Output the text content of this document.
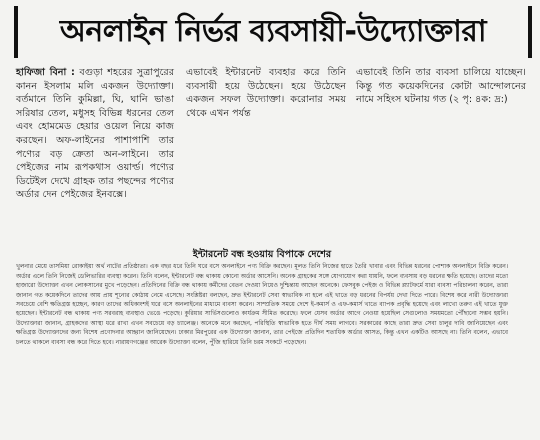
অনলাইন নির্ভর ব্যবসায়ী-উদ্যোক্তারা
হাফিজা বিনা : বগুড়া শহরের সুত্রাপুরের কানন ইসলাম মলি একজন উদ্যোক্তা। বর্তমানে তিনি কুমিল্লা, ঘি, ঘানি ভাঙা সরিষার তেল, মধুসহ বিভিন্ন ধরনের তেল এবং হোমমেড হেয়ার ওয়েল নিয়ে কাজ করছেন। অফ-লাইনের পাশাপাশি তার পণ্যের বড় ক্রেতা অন-লাইনে। তার পেইজের নাম রূপকথাস ওয়ার্ল্ড। পণ্যের ডিটেইল দেখে গ্রাহক তার পছন্দের পণ্যের অর্ডার দেন পেইজের ইনবক্সে।
এভাবেই ইন্টারনেট ব্যবহার করে তিনি ব্যবসায়ী হয়ে উঠেছেন। হয়ে উঠেছেন একজন সফল উদ্যোক্তা। করোনার সময় থেকে এখন পর্যন্ত
এভাবেই তিনি তার ব্যবসা চালিয়ে যাচ্ছেন। কিন্তু গত কয়েকদিনের কোটা আন্দোলনের নামে সহিংস ঘটনায় গত (২ পৃ: ৪ক: দ্র:)
ইন্টারনেট বন্ধ হওয়ায় বিপাকে দেশের
খুলনার মেয়ে তাসমিয়া রোকাইয়া অর্থ নাটের প্রতিষ্ঠাতা। এক বছর ধরে তিনি ঘরে বসে অনলাইনে পণ্য বিক্রি করছেন। মূলত তিনি নিজের হাতে তৈরি খাবার এবং বিভিন্ন ধরনের পোশাক অনলাইনে বিক্রি করেন। অর্ডার এলে তিনি নিজেই ডেলিভারির ব্যবস্থা করেন। তিনি বলেন, ইন্টারনেট বন্ধ থাকায় কোনো অর্ডার আসেনি। অনেক গ্রাহকের সঙ্গে যোগাযোগ করা যায়নি, ফলে ব্যবসায় বড় ধরনের ক্ষতি হয়েছে। তাদের মতো হাজারো উদ্যোক্তা এখন লোকসানের মুখে পড়েছেন। প্রতিদিনের বিক্রি বন্ধ থাকায় কর্মীদের বেতন দেওয়া নিয়েও দুশ্চিন্তায় আছেন অনেকে। ফেসবুক পেইজ ও বিভিন্ন প্ল্যাটফর্মে যারা ব্যবসা পরিচালনা করেন, তারা জানান গত কয়েকদিনে তাদের আয় প্রায় শূন্যের কোঠায় নেমে এসেছে। সংশ্লিষ্টরা বলছেন, দ্রুত ইন্টারনেট সেবা স্বাভাবিক না হলে এই খাতে বড় ধরনের বিপর্যয় দেখা দিতে পারে। বিশেষ করে নারী উদ্যোক্তারা সবচেয়ে বেশি ক্ষতিগ্রস্ত হচ্ছেন, কারণ তাদের অধিকাংশই ঘরে বসে অনলাইনের মাধ্যমে ব্যবসা করেন। সাম্প্রতিক সময়ে দেশে ই-কমার্স ও এফ-কমার্স খাতে ব্যাপক প্রবৃদ্ধি হয়েছে এবং লাখো তরুণ এই খাতে যুক্ত হয়েছেন। ইন্টারনেট বন্ধ থাকায় পণ্য সরবরাহ ব্যবস্থাও ভেঙে পড়েছে। কুরিয়ার সার্ভিসগুলোও কার্যক্রম সীমিত করেছে। ফলে যেসব অর্ডার আগে নেওয়া হয়েছিল সেগুলোও সময়মতো পৌঁছানো সম্ভব হয়নি। উদ্যোক্তারা জানান, গ্রাহকদের আস্থা ধরে রাখা এখন সবচেয়ে বড় চ্যালেঞ্জ। অনেকে মনে করছেন, পরিস্থিতি স্বাভাবিক হতে দীর্ঘ সময় লাগবে। সরকারের কাছে তারা দ্রুত সেবা চালুর দাবি জানিয়েছেন এবং ক্ষতিগ্রস্ত উদ্যোক্তাদের জন্য বিশেষ প্রণোদনার আহ্বান জানিয়েছেন। ঢাকার মিরপুরের এক উদ্যোক্তা জানান, তার পেইজে প্রতিদিন শতাধিক অর্ডার আসত, কিন্তু এখন একটিও আসছে না। তিনি বলেন, এভাবে চলতে থাকলে ব্যবসা বন্ধ করে দিতে হবে। নারায়ণগঞ্জের আরেক উদ্যোক্তা বলেন, পুঁজি হারিয়ে তিনি চরম সংকটে পড়েছেন।
